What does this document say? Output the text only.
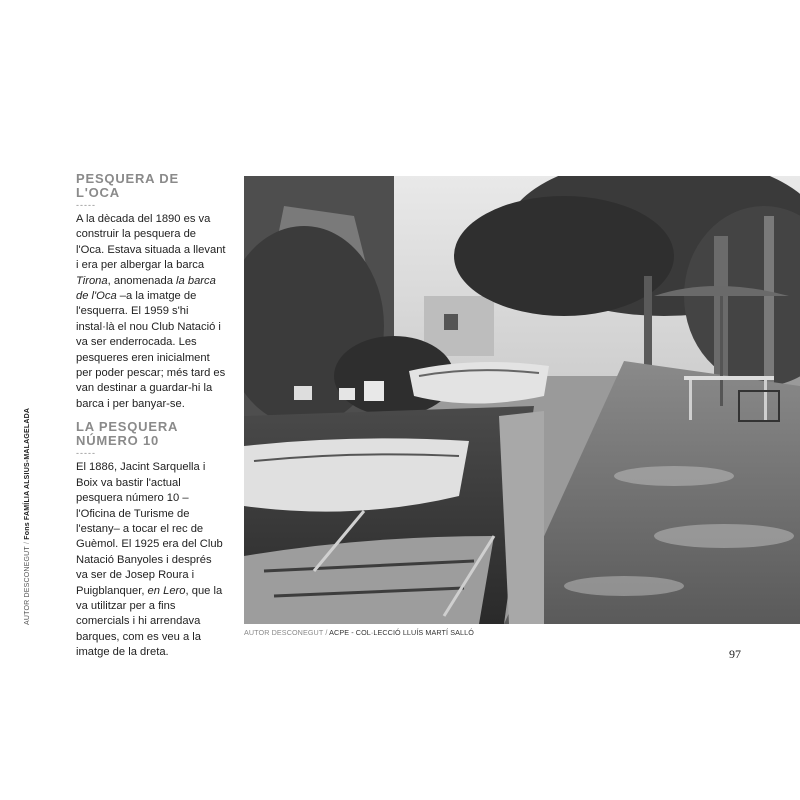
AUTOR DESCONEGUT / Fons FAMÍLIA ALSIUS-MALAGELADA
PESQUERA DE L'OCA
-----

A la dècada del 1890 es va construir la pesquera de l'Oca. Estava situada a llevant i era per albergar la barca Tirona, anomenada la barca de l'Oca –a la imatge de l'esquerra. El 1959 s'hi instal·là el nou Club Natació i va ser enderrocada. Les pesqueres eren inicialment per poder pescar; més tard es van destinar a guardar-hi la barca i per banyar-se.

LA PESQUERA
NÚMERO 10
-----

El 1886, Jacint Sarquella i Boix va bastir l'actual pesquera número 10 –l'Oficina de Turisme de l'estany– a tocar el rec de Guèmol. El 1925 era del Club Natació Banyoles i després va ser de Josep Roura i Puigblanquer, en Lero, que la va utilitzar per a fins comercials i hi arrendava barques, com es veu a la imatge de la dreta.

AUTOR DESCONEGUT / ACPE - COL·LECCIÓ LLUÍS MARTÍ SALLÓ
97
